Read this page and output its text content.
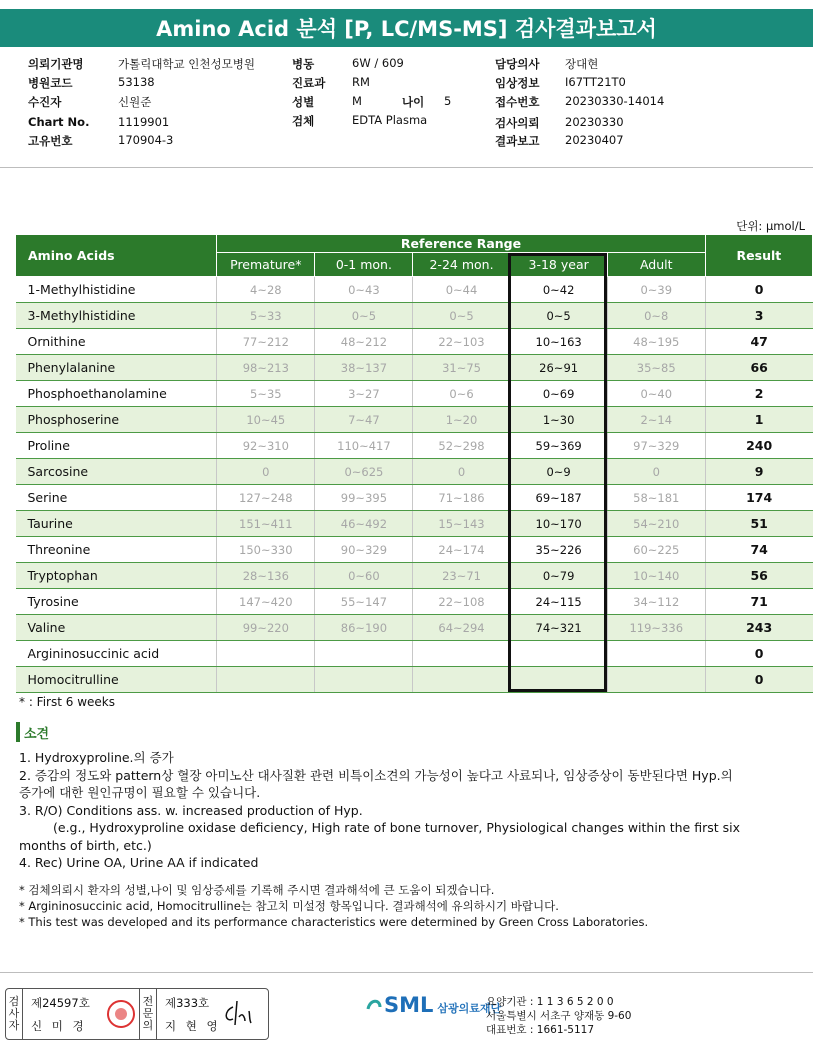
Amino Acid 분석 [P, LC/MS-MS] 검사결과보고서
의뢰기관명	가톨릭대학교 인천성모병원
병원코드	53138
수진자	신원준
Chart No. 1119901
고유번호	170904-3
병동	6W / 609
진료과 RM
성별	M	나이 5
검체	EDTA Plasma
담당의사 장대현
임상정보 I67TT21T0
접수번호 20230330-14014
검사의뢰 20230330
결과보고 20230407
단위: μmol/L
Amino Acids	Reference Range					Result
	Premature*	0-1 mon.	2-24 mon.	3-18 year	Adult	
1-Methylhistidine	4~28	0~43	0~44	0~42	0~39	0
3-Methylhistidine	5~33	0~5	0~5	0~5	0~8	3
Ornithine	77~212	48~212	22~103	10~163	48~195	47
Phenylalanine	98~213	38~137	31~75	26~91	35~85	66
Phosphoethanolamine	5~35	3~27	0~6	0~69	0~40	2
Phosphoserine	10~45	7~47	1~20	1~30	2~14	1
Proline	92~310	110~417	52~298	59~369	97~329	240
Sarcosine	0	0~625	0	0~9	0	9
Serine	127~248	99~395	71~186	69~187	58~181	174
Taurine	151~411	46~492	15~143	10~170	54~210	51
Threonine	150~330	90~329	24~174	35~226	60~225	74
Tryptophan	28~136	0~60	23~71	0~79	10~140	56
Tyrosine	147~420	55~147	22~108	24~115	34~112	71
Valine	99~220	86~190	64~294	74~321	119~336	243
Argininosuccinic acid						0
Homocitrulline						0
* : First 6 weeks
소견
1. Hydroxyproline.의 증가
2. 증감의 정도와 pattern상 혈장 아미노산 대사질환 관련 비특이소견의 가능성이 높다고 사료되나, 임상증상이 동반된다면 Hyp.의
증가에 대한 원인규명이 필요할 수 있습니다.
3. R/O) Conditions ass. w. increased production of Hyp.
(e.g., Hydroxyproline oxidase deficiency, High rate of bone turnover, Physiological changes within the first six
months of birth, etc.)
4. Rec) Urine OA, Urine AA if indicated
* 검체의뢰시 환자의 성별,나이 및 임상증세를 기록해 주시면 결과해석에 큰 도움이 되겠습니다.
* Argininosuccinic acid, Homocitrulline는 참고치 미설정 항목입니다. 결과해석에 유의하시기 바랍니다.
* This test was developed and its performance characteristics were determined by Green Cross Laboratories.
검
사
자
제24597호
신 미 경
전
문
의
제333호
지 현 영
SML 삼광의료재단
요양기관 : 1 1 3 6 5 2 0 0
서울특별시 서초구 양재동 9-60
대표번호 : 1661-5117
